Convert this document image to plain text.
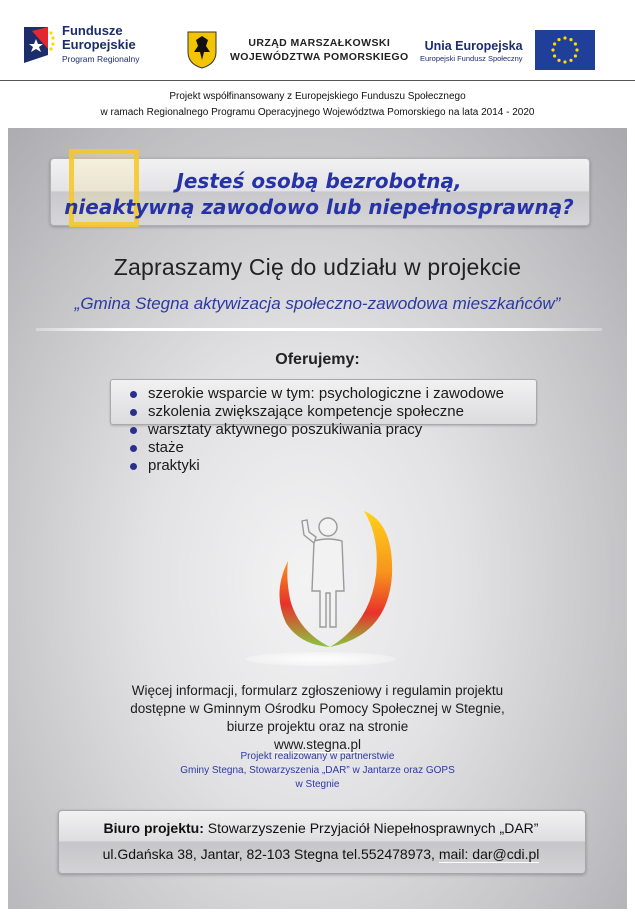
Fundusze
Europejskie
Program Regionalny
URZĄD MARSZAŁKOWSKI
WOJEWÓDZTWA POMORSKIEGO
Unia Europejska
Europejski Fundusz Społeczny
Projekt współfinansowany z Europejskiego Funduszu Społecznego
w ramach Regionalnego Programu Operacyjnego Województwa Pomorskiego na lata 2014 - 2020
Jesteś osobą bezrobotną,
nieaktywną zawodowo lub niepełnosprawną?
Zapraszamy Cię do udziału w projekcie
„Gmina Stegna aktywizacja społeczno-zawodowa mieszkańców”
Oferujemy:
szerokie wsparcie w tym: psychologiczne i zawodowe
szkolenia zwiększające kompetencje społeczne
warsztaty aktywnego poszukiwania pracy
staże
praktyki
Więcej informacji, formularz zgłoszeniowy i regulamin projektu
dostępne w Gminnym Ośrodku Pomocy Społecznej w Stegnie,
biurze projektu oraz na stronie
www.stegna.pl
Projekt realizowany w partnerstwie
Gminy Stegna, Stowarzyszenia „DAR” w Jantarze oraz GOPS
w Stegnie
Biuro projektu: Stowarzyszenie Przyjaciół Niepełnosprawnych „DAR”
ul.Gdańska 38, Jantar, 82-103 Stegna tel.552478973, mail: dar@cdi.pl
